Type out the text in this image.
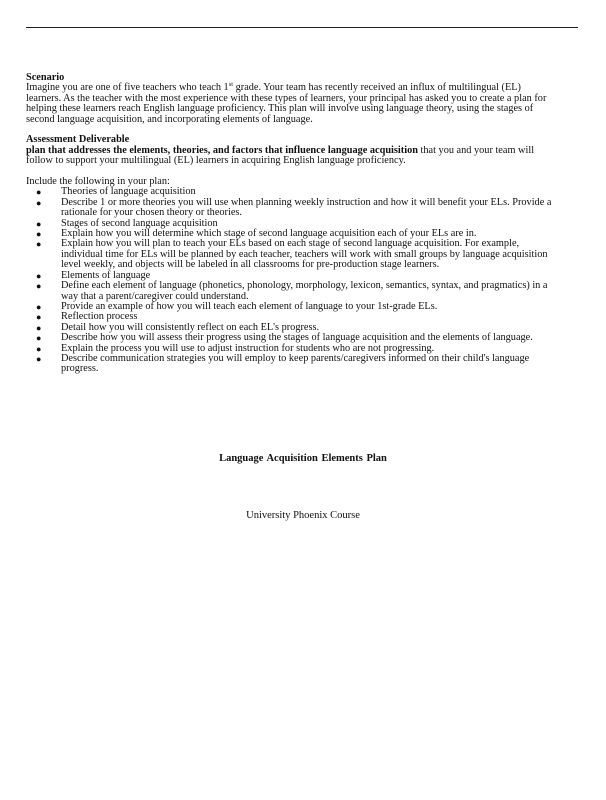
Scenario

Imagine you are one of five teachers who teach 1st grade. Your team has recently received an influx of multilingual (EL) learners. As the teacher with the most experience with these types of learners, your principal has asked you to create a plan for helping these learners reach English language proficiency. This plan will involve using language theory, using the stages of second language acquisition, and incorporating elements of language.

Assessment Deliverable

plan that addresses the elements, theories, and factors that influence language acquisition that you and your team will follow to support your multilingual (EL) learners in acquiring English language proficiency.

Include the following in your plan:

● Theories of language acquisition
● Describe 1 or more theories you will use when planning weekly instruction and how it will benefit your ELs. Provide a rationale for your chosen theory or theories.
● Stages of second language acquisition
● Explain how you will determine which stage of second language acquisition each of your ELs are in.
● Explain how you will plan to teach your ELs based on each stage of second language acquisition. For example, individual time for ELs will be planned by each teacher, teachers will work with small groups by language acquisition level weekly, and objects will be labeled in all classrooms for pre-production stage learners.
● Elements of language
● Define each element of language (phonetics, phonology, morphology, lexicon, semantics, syntax, and pragmatics) in a way that a parent/caregiver could understand.
● Provide an example of how you will teach each element of language to your 1st-grade ELs.
● Reflection process
● Detail how you will consistently reflect on each EL's progress.
● Describe how you will assess their progress using the stages of language acquisition and the elements of language.
● Explain the process you will use to adjust instruction for students who are not progressing.
● Describe communication strategies you will employ to keep parents/caregivers informed on their child's language progress.
Language Acquisition Elements Plan
University Phoenix Course
